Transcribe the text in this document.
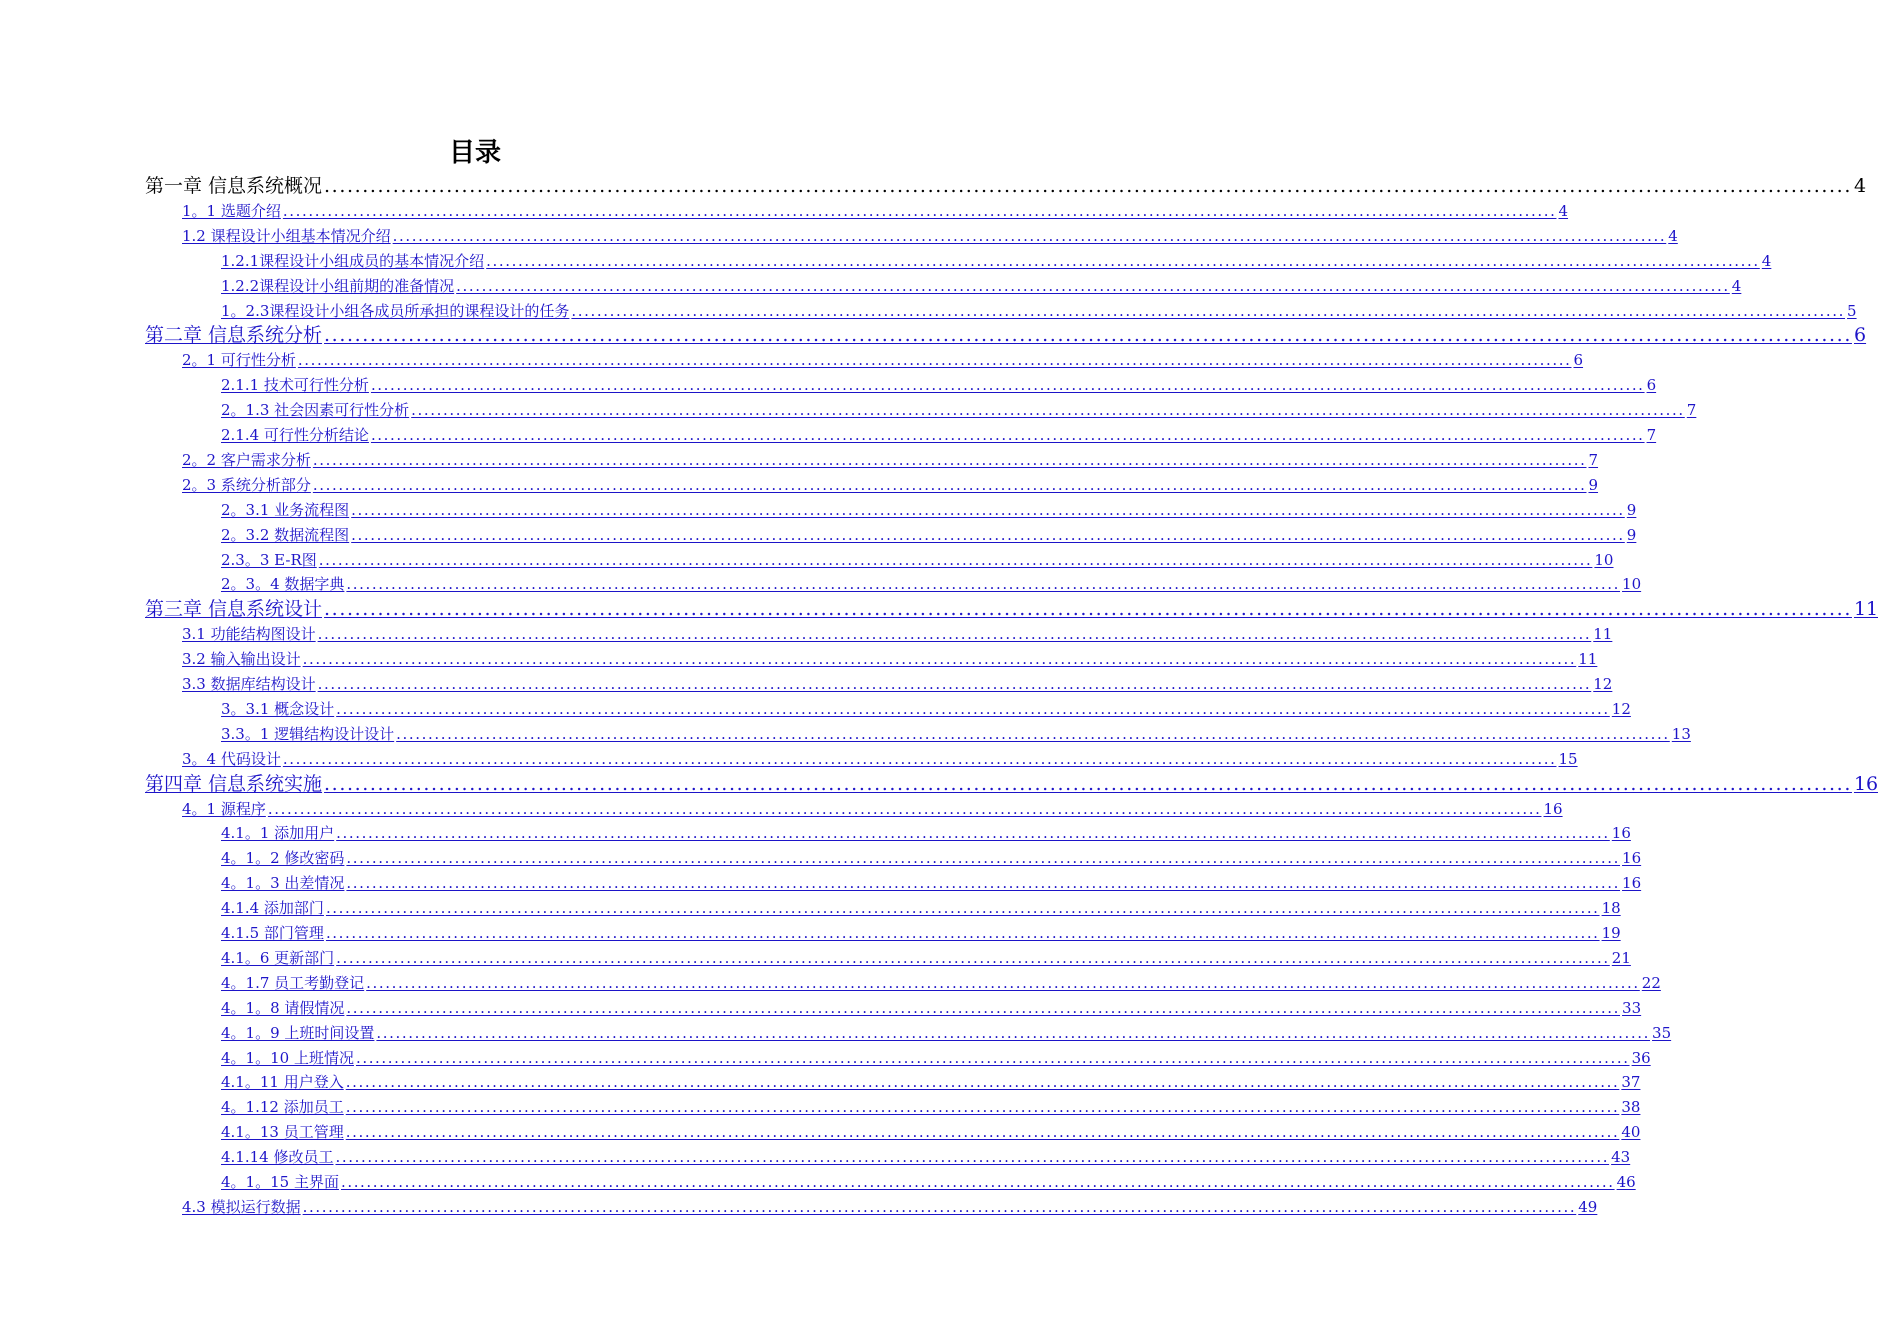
目录
第一章 信息系统概况 ........................................................................................................................................................................................................ 4
1。1 选题介绍 ........................................................................................................................................................................................................ 4
1.2 课程设计小组基本情况介绍 ........................................................................................................................................................................................................ 4
1.2.1课程设计小组成员的基本情况介绍 ........................................................................................................................................................................................................ 4
1.2.2课程设计小组前期的准备情况 ........................................................................................................................................................................................................ 4
1。2.3课程设计小组各成员所承担的课程设计的任务 ........................................................................................................................................................................................................ 5
第二章 信息系统分析 ........................................................................................................................................................................................................ 6
2。1 可行性分析 ........................................................................................................................................................................................................ 6
2.1.1 技术可行性分析 ........................................................................................................................................................................................................ 6
2。1.3 社会因素可行性分析 ........................................................................................................................................................................................................ 7
2.1.4 可行性分析结论 ........................................................................................................................................................................................................ 7
2。2 客户需求分析 ........................................................................................................................................................................................................ 7
2。3 系统分析部分 ........................................................................................................................................................................................................ 9
2。3.1 业务流程图 ........................................................................................................................................................................................................ 9
2。3.2 数据流程图 ........................................................................................................................................................................................................ 9
2.3。3 E-R图 ........................................................................................................................................................................................................ 10
2。3。4 数据字典 ........................................................................................................................................................................................................ 10
第三章 信息系统设计 ........................................................................................................................................................................................................ 11
3.1 功能结构图设计 ........................................................................................................................................................................................................ 11
3.2 输入输出设计 ........................................................................................................................................................................................................ 11
3.3 数据库结构设计 ........................................................................................................................................................................................................ 12
3。3.1 概念设计 ........................................................................................................................................................................................................ 12
3.3。1 逻辑结构设计设计 ........................................................................................................................................................................................................ 13
3。4 代码设计 ........................................................................................................................................................................................................ 15
第四章 信息系统实施 ........................................................................................................................................................................................................ 16
4。1 源程序 ........................................................................................................................................................................................................ 16
4.1。1 添加用户 ........................................................................................................................................................................................................ 16
4。1。2 修改密码 ........................................................................................................................................................................................................ 16
4。1。3 出差情况 ........................................................................................................................................................................................................ 16
4.1.4 添加部门 ........................................................................................................................................................................................................ 18
4.1.5 部门管理 ........................................................................................................................................................................................................ 19
4.1。6 更新部门 ........................................................................................................................................................................................................ 21
4。1.7 员工考勤登记 ........................................................................................................................................................................................................ 22
4。1。8 请假情况 ........................................................................................................................................................................................................ 33
4。1。9 上班时间设置 ........................................................................................................................................................................................................ 35
4。1。10 上班情况 ........................................................................................................................................................................................................ 36
4.1。11 用户登入 ........................................................................................................................................................................................................ 37
4。1.12 添加员工 ........................................................................................................................................................................................................ 38
4.1。13 员工管理 ........................................................................................................................................................................................................ 40
4.1.14 修改员工 ........................................................................................................................................................................................................ 43
4。1。15 主界面 ........................................................................................................................................................................................................ 46
4.3 模拟运行数据 ........................................................................................................................................................................................................ 49
